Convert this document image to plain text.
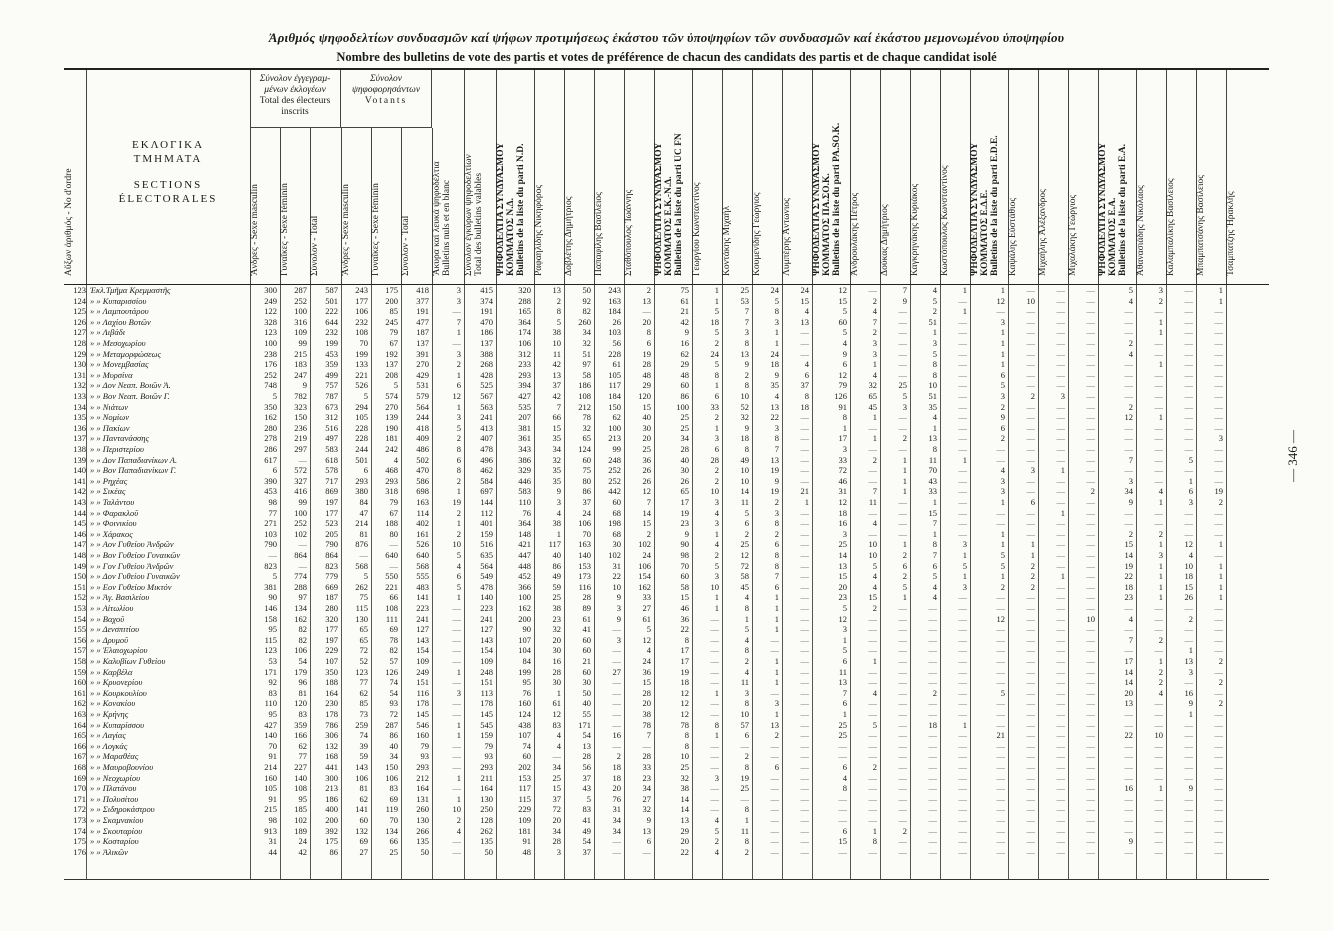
Ἀριθμός ψηφοδελτίων συνδυασμῶν καί ψήφων προτιμήσεως ἑκάστου τῶν ὑποψηφίων τῶν συνδυασμῶν καί ἑκάστου μεμονωμένου ὑποψηφίου
Nombre des bulletins de vote des partis et votes de préférence de chacun des candidats des partis et de chaque candidat isolé
Αὔξων ἀριθμός - No d'ordre
ΕΚΛΟΓΙΚΑ
ΤΜΗΜΑΤΑ
SECTIONS
ÉLECTORALES
Σύνολον ἐγγεγραμ-
μένων ἐκλογέων
Total des électeurs
inscrits
Σύνολον
ψηφοφορησάντων
Votants
Ἄνδρες - Sexe masculin	Γυναῖκες - Sexe féminin	Σύνολον - Total	Ἄνδρες - Sexe masculin	Γυναῖκες - Sexe féminin	Σύνολον - Total	Ἄκυρα καί λευκά ψηφοδέλτια
Bulletins nuls et en blanc
Σύνολον ἐγκύρων ψηφοδελτίων
Total des bulletins valables
ΨΗΦΟΔΕΛΤΙΑ ΣΥΝΔΥΑΣΜΟΥ
ΚΟΜΜΑΤΟΣ Ν.Δ.
Bulletins de la liste du parti N.D.
Ραφαηλίδης Νικηφόρος	Δοβλέτης Δημήτριος	Παπαφίλης Βασίλειος	Σταθόπουλος Ἰωάννης	ΨΗΦΟΔΕΛΤΙΑ ΣΥΝΔΥΑΣΜΟΥ
ΚΟΜΜΑΤΟΣ Ε.Κ.-Ν.Δ.
Bulletins de la liste du parti UC FN
Γεωργίου Κωνσταντίνος	Κοντάκης Μιχαήλ	Κουμενίδης Γεώργιος	Λυμπέρης Ἀντωνιος	ΨΗΦΟΔΕΛΤΙΑ ΣΥΝΔΥΑΣΜΟΥ
ΚΟΜΜΑΤΟΣ ΠΑ.ΣΟ.Κ.
Bulletins de la liste du parti PA.SO.K.
Ἀνδρουλάκης Πέτρος	Δούκας Δημήτριος	Καγκρηνάκης Κυριάκος	Κωστόπουλος Κωνσταντίνος	ΨΗΦΟΔΕΛΤΙΑ ΣΥΝΔΥΑΣΜΟΥ
ΚΟΜΜΑΤΟΣ Ε.Δ.Ε.
Bulletins de la liste du parti E.D.E.
Καψάλης Εὐστάθιος	Μιχαήλης Ἀλέξανδρος	Μιχαλάκης Γεώργιος	ΨΗΦΟΔΕΛΤΙΑ ΣΥΝΔΥΑΣΜΟΥ
ΚΟΜΜΑΤΟΣ Ε.Α.
Bulletins de la liste du parti E.A.
Ἀθανασιάδης Νικόλαος	Καλαμπαλίκης Βασίλειος	Μπαμπατσάνης Βασίλειος	Τσαμπατζης Ἡρακλῆς
123 Ἐκλ.Τμῆμα Κρεμμαστῆς	300	287	587	243	175	418	3	415	320	13	50	243	2	75	1	25	24	24	12	—	7	4	1	1	—	—	—	5	3	—	1
124 » » Κυπαρισσίου	249	252	501	177	200	377	3	374	288	2	92	163	13	61	1	53	5	15	15	2	9	5	—	12	10	—	—	4	2	—	1
125 » » Λαμπουτάρου	122	100	222	106	85	191	—	191	165	8	82	184	—	21	5	7	8	4	5	4	—	2	1	—	—	—	—	—	—	—	—
126 » » Λαχίου Βοτῶν	328	316	644	232	245	477	7	470	364	5	260	26	20	42	18	7	3	13	60	7	—	51	—	3	—	—	—	—	1	—	—
127 » » Λιβάδι	123	109	232	108	79	187	1	186	174	38	34	103	8	9	5	3	1	—	5	2	—	1	—	1	—	—	—	—	1	—	—
128 » » Μεσοχωρίου	100	99	199	70	67	137	—	137	106	10	32	56	6	16	2	8	1	—	4	3	—	3	—	1	—	—	—	2	—	—	—
129 » » Μεταμορφώσεως	238	215	453	199	192	391	3	388	312	11	51	228	19	62	24	13	24	—	9	3	—	5	—	1	—	—	—	4	—	—	—
130 » » Μονεμβασίας	176	183	359	133	137	270	2	268	233	42	97	61	28	29	5	9	18	4	6	1	—	8	—	1	—	—	—	—	1	—	—
131 » » Μυρσίνα	252	247	499	221	208	429	1	428	293	13	58	105	48	48	8	2	9	6	12	4	—	8	—	6	—	—	—	—	—	—	—
132 » » Δον Νεαπ. Βοιῶν Ἀ.	748	9	757	526	5	531	6	525	394	37	186	117	29	60	1	8	35	37	79	32	25	10	—	5	—	—	—	—	—	—	—
133 » » Βον Νεαπ. Βοιῶν Γ.	5	782	787	5	574	579	12	567	427	42	108	184	120	86	6	10	4	8	126	65	5	51	—	3	2	3	—	—	—	—	—
134 » » Νιάτων	350	323	673	294	270	564	1	563	535	7	212	150	15	100	33	52	13	18	91	45	3	35	—	2	—	—	—	2	—	—	—
135 » » Νομίων	162	150	312	105	139	244	3	241	207	66	78	62	40	25	2	32	22	—	8	1	—	4	—	9	—	—	—	12	1	—	—
136 » » Πακίων	280	236	516	228	190	418	5	413	381	15	32	100	30	25	1	9	3	—	1	—	—	1	—	6	—	—	—	—	—	—	—
137 » » Παντανάσσης	278	219	497	228	181	409	2	407	361	35	65	213	20	34	3	18	8	—	17	1	2	13	—	2	—	—	—	—	—	—	3
138 » » Περιστερίου	286	297	583	244	242	486	8	478	343	34	124	99	25	28	6	8	7	—	3	—	—	8	—	—	—	—	—	—	—	—	—
139 » » Δον Παπαδιανίκων Α.	617	—	618	501	4	502	6	496	386	32	60	248	36	40	28	49	13	—	33	2	1	11	1	—	—	—	—	7	—	5	—
140 » » Βον Παπαδιανίκων Γ.	6	572	578	6	468	470	8	462	329	35	75	252	26	30	2	10	19	—	72	—	1	70	—	4	3	1	—	—	—	—	—
141 » » Ρηχέας	390	327	717	293	293	586	2	584	446	35	80	252	26	26	2	10	9	—	46	—	1	43	—	3	—	—	—	3	—	1	—
142 » » Σικέας	453	416	869	380	318	698	1	697	583	9	86	442	12	65	10	14	19	21	31	7	1	33	—	3	—	—	2	34	4	6	19
143 » » Ταλάντου	98	99	197	84	79	163	19	144	110	3	37	60	7	17	3	11	2	1	12	11	—	1	—	1	6	—	—	9	1	3	2
144 » » Φαρακλοῦ	77	100	177	47	67	114	2	112	76	4	24	68	14	19	4	5	3	—	18	—	—	15	—	—	—	1	—	—	—	—	—
145 » » Φοινικίου	271	252	523	214	188	402	1	401	364	38	106	198	15	23	3	6	8	—	16	4	—	7	—	—	—	—	—	—	—	—	—
146 » » Χάρακος	103	102	205	81	80	161	2	159	148	1	70	68	2	9	1	2	2	—	3	—	—	1	—	1	—	—	—	2	2	—	—
147 » » Αον Γυθείου Ἀνδρῶν	790	—	790	876	—	526	10	516	421	117	163	30	102	90	4	25	6	—	25	10	1	8	3	1	1	—	—	15	1	12	1
148 » » Βον Γυθείου Γυναικῶν	—	864	864	—	640	640	5	635	447	40	140	102	24	98	2	12	8	—	14	10	2	7	1	5	1	—	—	14	3	4	—
149 » » Γον Γυθείου Ἀνδρῶν	823	—	823	568	—	568	4	564	448	86	153	31	106	70	5	72	8	—	13	5	6	6	5	5	2	—	—	19	1	10	1
150 » » Δον Γυθείου Γυναικῶν	5	774	779	5	550	555	6	549	452	49	173	22	154	60	3	58	7	—	15	4	2	5	1	1	2	1	—	22	1	18	1
151 » » Εον Γυθείου Μικτόν	381	288	669	262	221	483	5	478	366	59	116	10	162	58	10	45	6	—	20	4	5	4	3	2	2	—	—	18	1	15	1
152 » » Ἀγ. Βασιλείου	90	97	187	75	66	141	1	140	100	25	28	9	33	15	1	4	1	—	23	15	1	4	—	—	—	—	—	23	1	26	1
153 » » Αἰτωλίου	146	134	280	115	108	223	—	223	162	38	89	3	27	46	1	8	1	—	5	2	—	—	—	—	—	—	—	—	—	—	—
154 » » Βαχοῦ	158	162	320	130	111	241	—	241	200	23	61	9	61	36	—	1	1	—	12	—	—	—	—	12	—	—	10	4	—	2	—
155 » » Δενσπιτίου	95	82	177	65	69	127	—	127	90	32	41	—	5	22	—	5	1	—	3	—	—	—	—	—	—	—	—	—	—	—	—
156 » » Δρυμοῦ	115	82	197	65	78	143	—	143	107	20	60	3	12	8	—	4	—	—	1	—	—	—	—	—	—	—	—	7	2	—	—
157 » » Ἐλαιοχωρίου	123	106	229	72	82	154	—	154	104	30	60	—	4	17	—	8	—	—	5	—	—	—	—	—	—	—	—	—	—	1	—
158 » » Καλυβίων Γυθείου	53	54	107	52	57	109	—	109	84	16	21	—	24	17	—	2	1	—	6	1	—	—	—	—	—	—	—	17	1	13	2
159 » » Καρβέλα	171	179	350	123	126	249	1	248	199	28	60	27	36	19	—	4	1	—	11	—	—	—	—	—	—	—	—	14	2	3	—
160 » » Κρυονερίου	92	96	188	77	74	151	—	151	95	30	30	—	15	18	—	11	1	—	13	—	—	—	—	—	—	—	—	14	2	—	2
161 » » Κουρκουλίου	83	81	164	62	54	116	3	113	76	1	50	—	28	12	1	3	—	—	7	4	—	2	—	5	—	—	—	20	4	16	—
162 » » Κονακίου	110	120	230	85	93	178	—	178	160	61	40	—	20	12	—	8	3	—	6	—	—	—	—	—	—	—	—	13	—	9	2
163 » » Κρήνης	95	83	178	73	72	145	—	145	124	12	55	—	38	12	—	10	1	—	1	—	—	—	—	—	—	—	—	—	—	1	—
164 » » Κυπαρίσσου	427	359	786	259	287	546	1	545	438	83	171	—	78	78	8	57	13	—	25	5	—	18	1	—	—	—	—	—	—	—	—
165 » » Λαγίας	140	166	306	74	86	160	1	159	107	4	54	16	7	8	1	6	2	—	25	—	—	—	—	21	—	—	—	22	10	—	—
166 » » Λογκάς	70	62	132	39	40	79	—	79	74	4	13	—	—	8	—	—	—	—	—	—	—	—	—	—	—	—	—	—	—	—	—
167 » » Μαραθέας	91	77	168	59	34	93	—	93	60	—	28	2	28	10	—	2	—	—	—	—	—	—	—	—	—	—	—	—	—	—	—
168 » » Μαυροβουνίου	214	227	441	143	150	293	—	293	202	34	56	18	33	25	—	8	6	—	6	2	—	—	—	—	—	—	—	—	—	—	—
169 » » Νεοχωρίου	160	140	300	106	106	212	1	211	153	25	37	18	23	32	3	19	—	—	4	—	—	—	—	—	—	—	—	—	—	—	—
170 » » Πλατάνου	105	108	213	81	83	164	—	164	117	15	43	20	34	38	—	25	—	—	8	—	—	—	—	—	—	—	—	16	1	9	—
171 » » Πολυσίτου	91	95	186	62	69	131	1	130	115	37	5	76	27	14	—	—	—	—	—	—	—	—	—	—	—	—	—	—	—	—	—
172 » » Σιδηροκάστρου	215	185	400	141	119	260	10	250	229	72	83	31	32	14	—	8	—	—	—	—	—	—	—	—	—	—	—	—	—	—	—
173 » » Σκαμνακίου	98	102	200	60	70	130	2	128	109	20	41	34	9	13	4	1	—	—	—	—	—	—	—	—	—	—	—	—	—	—	—
174 » » Σκουταρίου	913	189	392	132	134	266	4	262	181	34	49	34	13	29	5	11	—	—	6	1	2	—	—	—	—	—	—	—	—	—	—
175 » » Κοσταρίου	31	24	175	69	66	135	—	135	91	28	54	—	6	20	2	8	—	—	15	8	—	—	—	—	—	—	—	9	—	—	—
176 » » Ἀλικῶν	44	42	86	27	25	50	—	50	48	3	37	—	—	22	4	2	—	—	—	—	—	—	—	—	—	—	—	—	—	—	—
— 346 —
